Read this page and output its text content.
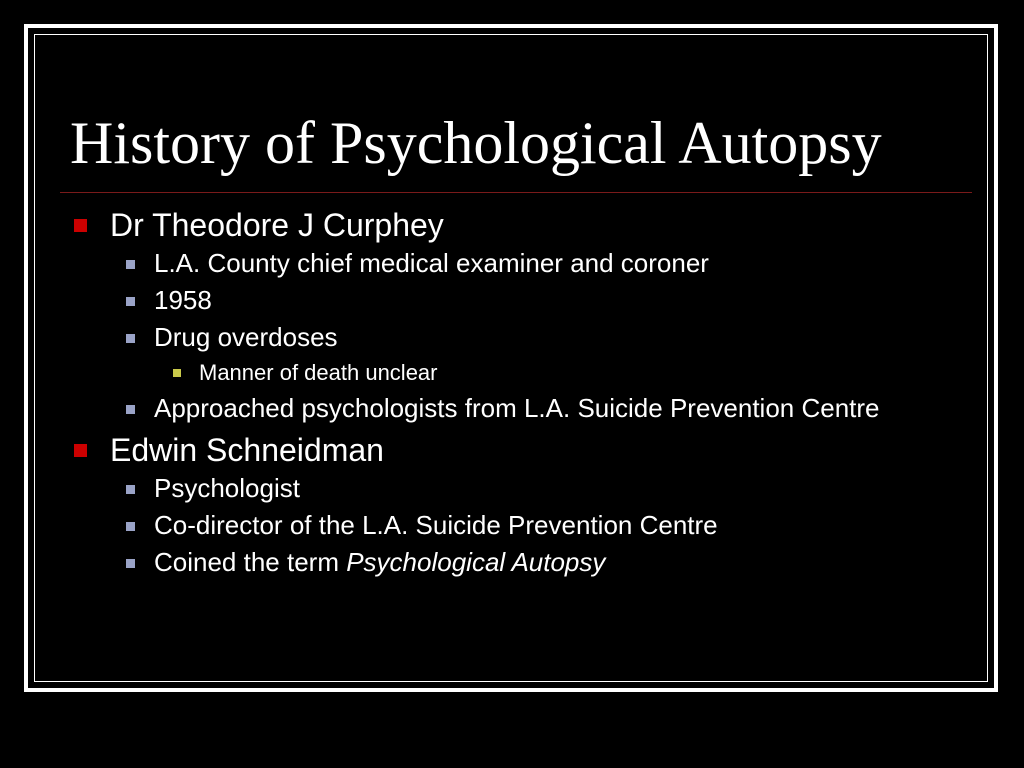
History of Psychological Autopsy
Dr Theodore J Curphey
L.A. County chief medical examiner and coroner
1958
Drug overdoses
Manner of death unclear
Approached psychologists from L.A. Suicide Prevention Centre
Edwin Schneidman
Psychologist
Co-director of the L.A. Suicide Prevention Centre
Coined the term Psychological Autopsy
